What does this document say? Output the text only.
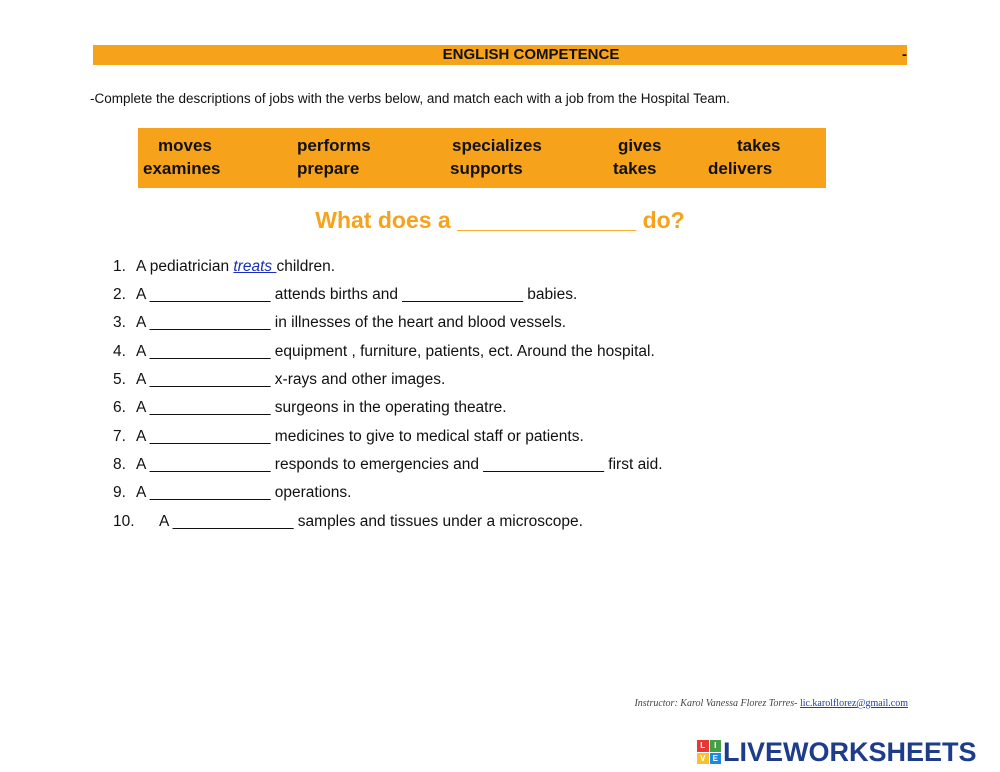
ENGLISH COMPETENCE	-
-Complete the descriptions of jobs with the verbs below, and match each with a job from the Hospital Team.
moves	performs	specializes	gives	takes
examines	prepare	supports	takes	delivers
What does a ______________ do?
1. A pediatrician treats children.
2. A ______________ attends births and ______________ babies.
3. A ______________ in illnesses of the heart and blood vessels.
4. A ______________ equipment , furniture, patients, ect. Around the hospital.
5. A ______________ x-rays and other images.
6. A ______________ surgeons in the operating theatre.
7. A ______________ medicines to give to medical staff or patients.
8. A ______________ responds to emergencies and ______________ first aid.
9. A ______________ operations.
10. A ______________ samples and tissues under a microscope.
Instructor: Karol Vanessa Florez Torres- lic.karolflorez@gmail.com
L	I
V E LIVEWORKSHEETS
